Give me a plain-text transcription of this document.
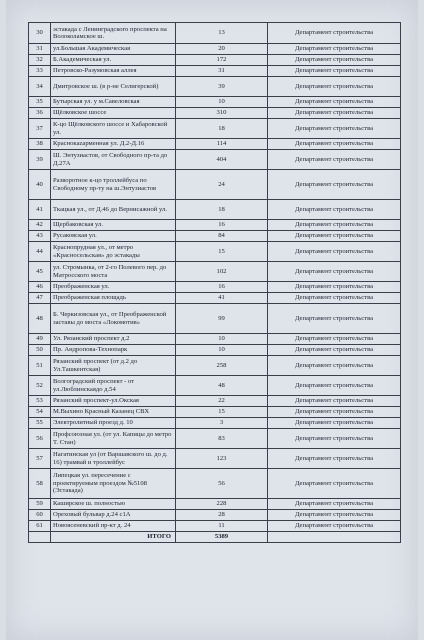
30	эстакада с Ленинградского проспекта на Волоколамское ш.	13	Департамент строительства
31	ул.Большая Академическая	20	Департамент строительства
32	Б.Академическая ул.	172	Департамент строительства
33	Петровско-Разумовская аллея	31	Департамент строительства
34	Дмитровское ш. (в р-не Селигерской)	39	Департамент строительства
35	Бутырская ул. у м.Савеловская	10	Департамент строительства
36	Щёлковское шоссе	310	Департамент строительства
37	К-цо Щёлковского шоссе и Хабаровской ул.	18	Департамент строительства
38	Краснокazарменная ул. Д.2-Д.16	114	Департамент строительства
39	Ш. Энтузиастов, от Свободного пр-та до Д.27А	404	Департамент строительства
40	Разворотное к-цо троллейбуса по Свободному пр-ту на ш.Энтузиастов	24	Департамент строительства
41	Ткацкая ул., от Д.46 до Вернисажной ул.	18	Департамент строительства
42	Щербаковская ул.	16	Департамент строительства
43	Русаковская ул.	84	Департамент строительства
44	Краснопрудная ул., от метро «Красносельская» до эстакады	15	Департамент строительства
45	ул. Стромынка, от 2-го Полевого пер. до Матросского моста	102	Департамент строительства
46	Преображенская ул.	16	Департамент строительства
47	Преображенская площадь	41	Департамент строительства
48	Б. Черкизовская ул., от Преображенской заставы до моста «Локомотив»	99	Департамент строительства
49	Ул. Рязанский проспект д.2	10	Департамент строительства
50	Пр. Андропова-Технопарк	10	Департамент строительства
51	Рязанский проспект (от д.2 до Ул.Ташкентская)	258	Департамент строительства
52	Волгоградский проспект - от ул.Люблинскаядо д.54	48	Департамент строительства
53	Рязанский проспект-ул.Окская	22	Департамент строительства
54	М.Выхино Красный Казанец СВХ	15	Департамент строительства
55	Электролитный проезд д. 10	3	Департамент строительства
56	Профсоюзная ул. (от ул. Капицы до метро Т. Стан)	83	Департамент строительства
57	Нагатинская ул (от Варшавского ш. до д. 16) трамвай и троллейбус	123	Департамент строительства
58	Липецкая ул. пересечение с проектируемым проездом №5108 (Эстакада)	56	Департамент строительства
59	Каширское ш. полностью	228	Департамент строительства
60	Ореховый бульвар д.24 с1А	28	Департамент строительства
61	Новоясеневский пр-кт д. 24	11	Департамент строительства
	ИТОГО	5389	
